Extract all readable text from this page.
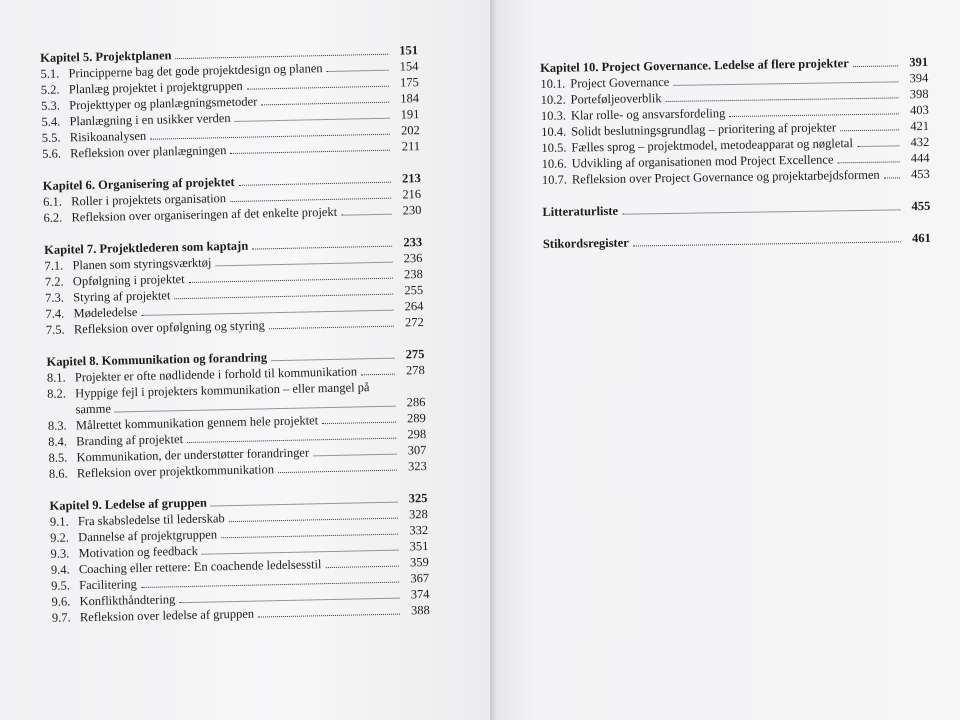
Kapitel 5. Projektplanen	151
5.1. Principperne bag det gode projektdesign og planen	154
5.2. Planlæg projektet i projektgruppen	175
5.3. Projekttyper og planlægningsmetoder	184
5.4. Planlægning i en usikker verden	191
5.5. Risikoanalysen	202
5.6. Refleksion over planlægningen	211
Kapitel 6. Organisering af projektet	213
6.1. Roller i projektets organisation	216
6.2. Refleksion over organiseringen af det enkelte projekt	230
Kapitel 7. Projektlederen som kaptajn	233
7.1. Planen som styringsværktøj	236
7.2. Opfølgning i projektet	238
7.3. Styring af projektet	255
7.4. Mødeledelse	264
7.5. Refleksion over opfølgning og styring	272
Kapitel 8. Kommunikation og forandring	275
8.1. Projekter er ofte nødlidende i forhold til kommunikation	278
8.2. Hyppige fejl i projekters kommunikation – eller mangel på
samme	286
8.3. Målrettet kommunikation gennem hele projektet	289
8.4. Branding af projektet	298
8.5. Kommunikation, der understøtter forandringer	307
8.6. Refleksion over projektkommunikation	323
Kapitel 9. Ledelse af gruppen	325
9.1. Fra skabsledelse til lederskab	328
9.2. Dannelse af projektgruppen	332
9.3. Motivation og feedback	351
9.4. Coaching eller rettere: En coachende ledelsesstil	359
9.5. Facilitering	367
9.6. Konflikthåndtering	374
9.7. Refleksion over ledelse af gruppen	388
Kapitel 10. Project Governance. Ledelse af flere projekter	391
10.1. Project Governance	394
10.2. Porteføljeoverblik	398
10.3. Klar rolle- og ansvarsfordeling	403
10.4. Solidt beslutningsgrundlag – prioritering af projekter	421
10.5. Fælles sprog – projektmodel, metodeapparat og nøgletal	432
10.6. Udvikling af organisationen mod Project Excellence	444
10.7. Refleksion over Project Governance og projektarbejdsformen	453
Litteraturliste	455
Stikordsregister	461
